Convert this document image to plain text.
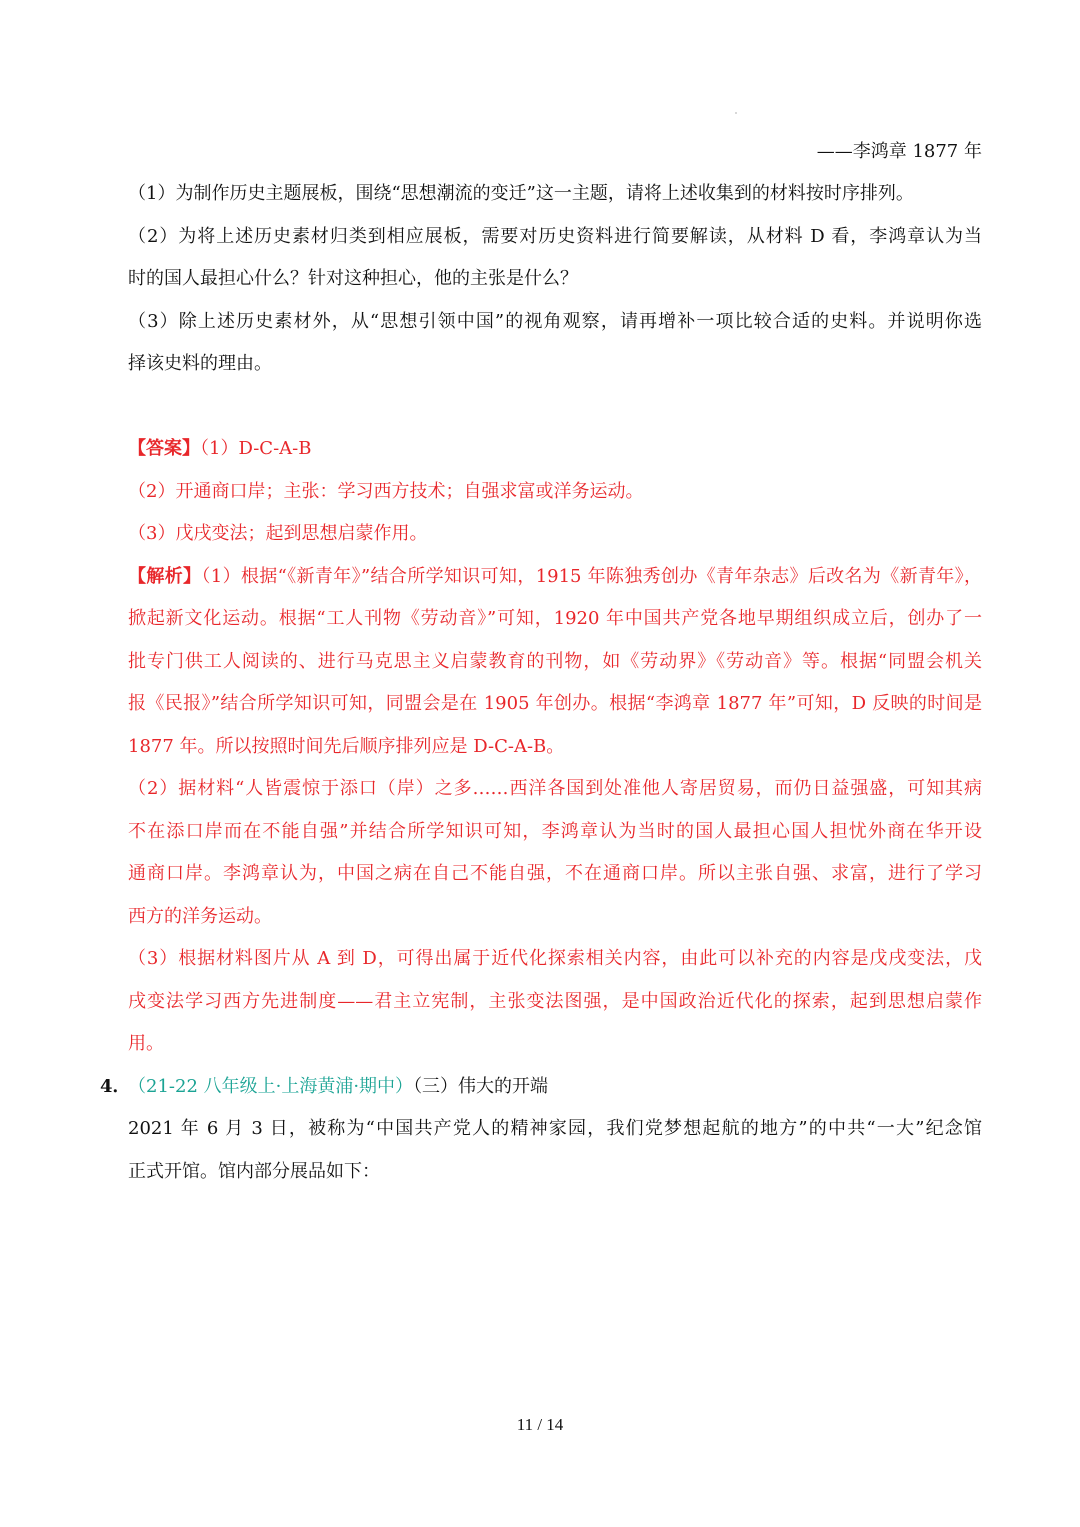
——李鸿章 1877 年
（1）为制作历史主题展板，围绕“思想潮流的变迁”这一主题，请将上述收集到的材料按时序排列。
（2）为将上述历史素材归类到相应展板，需要对历史资料进行简要解读，从材料 D 看，李鸿章认为当
时的国人最担心什么？针对这种担心，他的主张是什么？
（3）除上述历史素材外，从“思想引领中国”的视角观察，请再增补一项比较合适的史料。并说明你选
择该史料的理由。
【答案】（1）D-C-A-B
（2）开通商口岸；主张：学习西方技术；自强求富或洋务运动。
（3）戊戌变法；起到思想启蒙作用。
【解析】（1）根据“《新青年》”结合所学知识可知，1915 年陈独秀创办《青年杂志》后改名为《新青年》，
掀起新文化运动。根据“工人刊物《劳动音》”可知，1920 年中国共产党各地早期组织成立后，创办了一
批专门供工人阅读的、进行马克思主义启蒙教育的刊物，如《劳动界》《劳动音》等。根据“同盟会机关
报《民报》”结合所学知识可知，同盟会是在 1905 年创办。根据“李鸿章 1877 年”可知，D 反映的时间是
1877 年。所以按照时间先后顺序排列应是 D-C-A-B。
（2）据材料“人皆震惊于添口（岸）之多……西洋各国到处准他人寄居贸易，而仍日益强盛，可知其病
不在添口岸而在不能自强”并结合所学知识可知，李鸿章认为当时的国人最担心国人担忧外商在华开设
通商口岸。李鸿章认为，中国之病在自己不能自强，不在通商口岸。所以主张自强、求富，进行了学习
西方的洋务运动。
（3）根据材料图片从 A 到 D，可得出属于近代化探索相关内容，由此可以补充的内容是戊戌变法，戊
戌变法学习西方先进制度——君主立宪制，主张变法图强，是中国政治近代化的探索，起到思想启蒙作
用。
4．
（21-22 八年级上·上海黄浦·期中）（三）伟大的开端
2021 年 6 月 3 日，被称为“中国共产党人的精神家园，我们党梦想起航的地方”的中共“一大”纪念馆
正式开馆。馆内部分展品如下：
11 / 14
